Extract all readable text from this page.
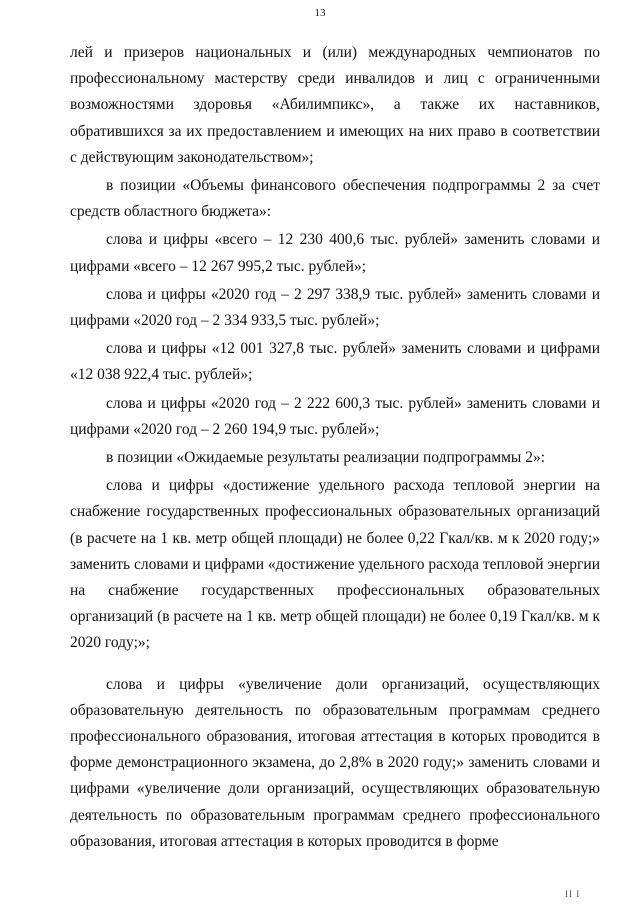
13

лей и призеров национальных и (или) международных чемпионатов по профессиональному мастерству среди инвалидов и лиц с ограниченными возможностями здоровья «Абилимпикс», а также их наставников, обратившихся за их предоставлением и имеющих на них право в соответствии с действующим законодательством»;

в позиции «Объемы финансового обеспечения подпрограммы 2 за счет средств областного бюджета»:

слова и цифры «всего – 12 230 400,6 тыс. рублей» заменить словами и цифрами «всего – 12 267 995,2 тыс. рублей»;

слова и цифры «2020 год – 2 297 338,9 тыс. рублей» заменить словами и цифрами «2020 год – 2 334 933,5 тыс. рублей»;

слова и цифры «12 001 327,8 тыс. рублей» заменить словами и цифрами «12 038 922,4 тыс. рублей»;

слова и цифры «2020 год – 2 222 600,3 тыс. рублей» заменить словами и цифрами «2020 год – 2 260 194,9 тыс. рублей»;

в позиции «Ожидаемые результаты реализации подпрограммы 2»:

слова и цифры «достижение удельного расхода тепловой энергии на снабжение государственных профессиональных образовательных организаций (в расчете на 1 кв. метр общей площади) не более 0,22 Гкал/кв. м к 2020 году;» заменить словами и цифрами «достижение удельного расхода тепловой энергии на снабжение государственных профессиональных образовательных организаций (в расчете на 1 кв. метр общей площади) не более 0,19 Гкал/кв. м к 2020 году;»;

слова и цифры «увеличение доли организаций, осуществляющих образовательную деятельность по образовательным программам среднего профессионального образования, итоговая аттестация в которых проводится в форме демонстрационного экзамена, до 2,8% в 2020 году;» заменить словами и цифрами «увеличение доли организаций, осуществляющих образовательную деятельность по образовательным программам среднего профессионального образования, итоговая аттестация в которых проводится в форме

II I
